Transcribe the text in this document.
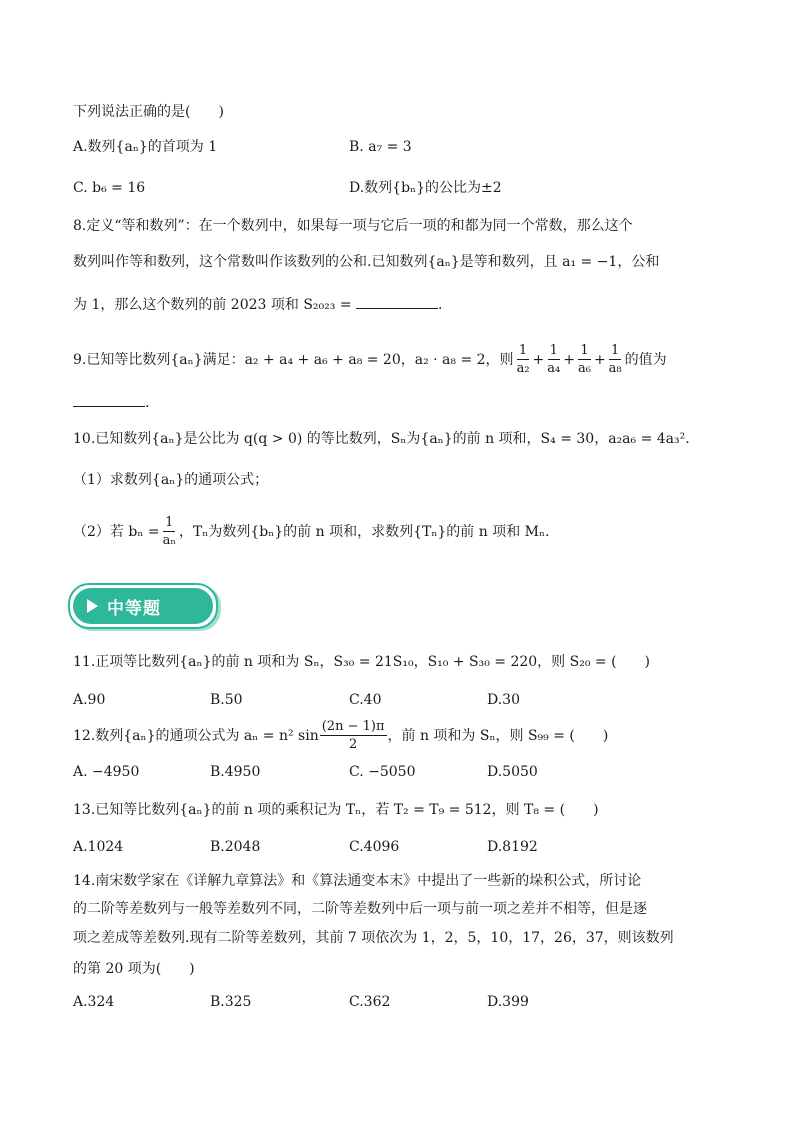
下列说法正确的是(　　)
A.数列{aₙ}的首项为 1	B. a₇ = 3
C. b₆ = 16	D.数列{bₙ}的公比为±2
8.定义“等和数列”：在一个数列中，如果每一项与它后一项的和都为同一个常数，那么这个
数列叫作等和数列，这个常数叫作该数列的公和.已知数列{aₙ}是等和数列，且 a₁ = −1，公和
为 1，那么这个数列的前 2023 项和 S₂₀₂₃ =	.
9.已知等比数列{aₙ}满足：a₂ + a₄ + a₆ + a₈ = 20，a₂ · a₈ = 2，则 $\frac{1}{\text{a₂}} + \frac{1}{\text{a₄}} + \frac{1}{\text{a₆}} + \frac{1}{\text{a₈}}$ 的值为
.
10.已知数列{aₙ}是公比为 q(q > 0) 的等比数列，Sₙ为{aₙ}的前 n 项和，S₄ = 30，a₂a₆ = 4a₃².
（1）求数列{aₙ}的通项公式；
（2）若 $b_n = \frac{1}{\text{aₙ}}$ ，Tₙ为数列{bₙ}的前 n 项和，求数列{Tₙ}的前 n 项和 Mₙ.
中等题
11.正项等比数列{aₙ}的前 n 项和为 Sₙ，S₃₀ = 21S₁₀，S₁₀ + S₃₀ = 220，则 S₂₀ = (　　)
A.90	B.50	C.40	D.30
12.数列{aₙ}的通项公式为 aₙ = n² $\sin \frac{(2n - 1)\pi}{2}$ ，前 n 项和为 Sₙ，则 S₉₉ = (　　)
A. −4950	B.4950	C. −5050	D.5050
13.已知等比数列{aₙ}的前 n 项的乘积记为 Tₙ，若 T₂ = T₉ = 512，则 T₈ = (　　)
A.1024	B.2048	C.4096	D.8192
14.南宋数学家在《详解九章算法》和《算法通变本末》中提出了一些新的垛积公式，所讨论
的二阶等差数列与一般等差数列不同，二阶等差数列中后一项与前一项之差并不相等，但是逐
项之差成等差数列.现有二阶等差数列，其前 7 项依次为 1，2，5，10，17，26，37，则该数列
的第 20 项为(　　)
A.324	B.325	C.362	D.399
